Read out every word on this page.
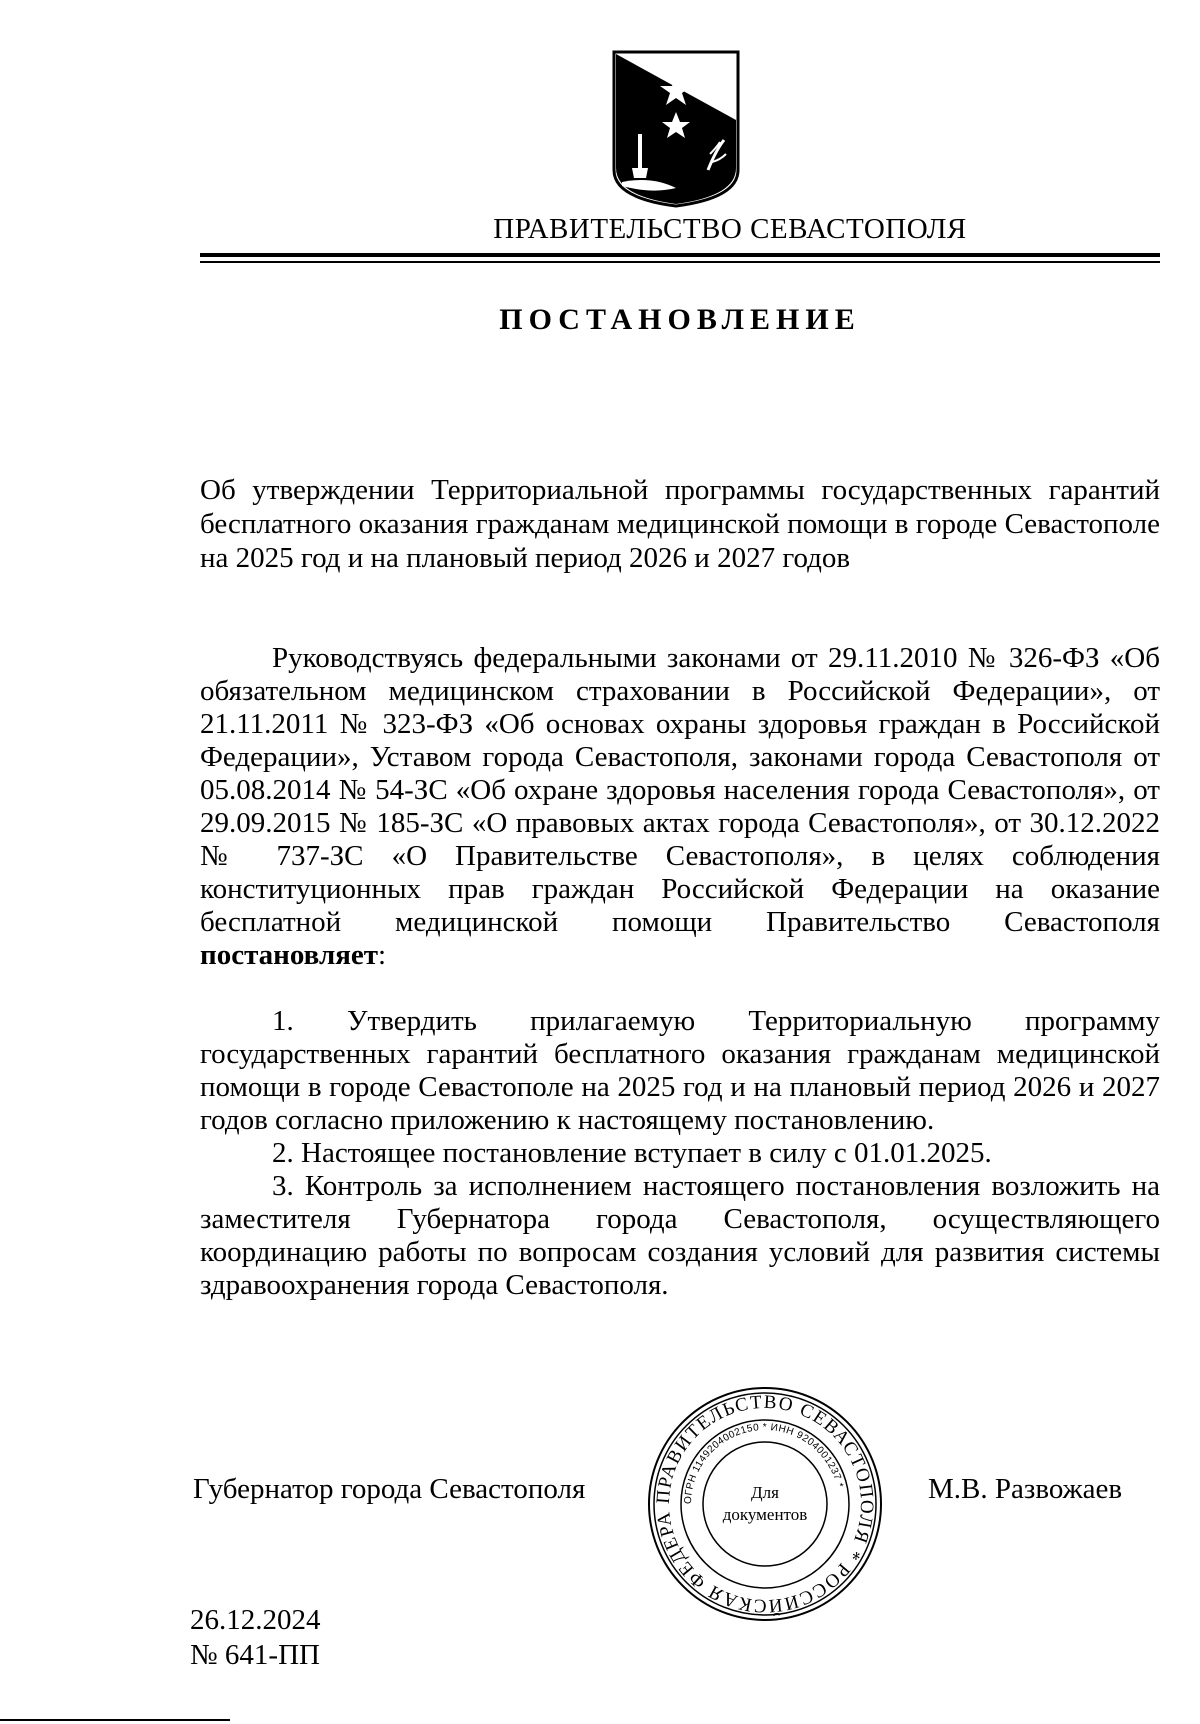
ПРАВИТЕЛЬСТВО СЕВАСТОПОЛЯ
ПОСТАНОВЛЕНИЕ
Об утверждении Территориальной программы государственных гарантий бесплатного оказания гражданам медицинской помощи в городе Севастополе на 2025 год и на плановый период 2026 и 2027 годов

Руководствуясь федеральными законами от 29.11.2010 № 326-ФЗ «Об обязательном медицинском страховании в Российской Федерации», от 21.11.2011 № 323-ФЗ «Об основах охраны здоровья граждан в Российской Федерации», Уставом города Севастополя, законами города Севастополя от 05.08.2014 № 54-ЗС «Об охране здоровья населения города Севастополя», от 29.09.2015 № 185-ЗС «О правовых актах города Севастополя», от 30.12.2022 № 737-ЗС «О Правительстве Севастополя», в целях соблюдения конституционных прав граждан Российской Федерации на оказание бесплатной медицинской помощи Правительство Севастополя постановляет:

1. Утвердить прилагаемую Территориальную программу государственных гарантий бесплатного оказания гражданам медицинской помощи в городе Севастополе на 2025 год и на плановый период 2026 и 2027 годов согласно приложению к настоящему постановлению.

2. Настоящее постановление вступает в силу с 01.01.2025.

3. Контроль за исполнением настоящего постановления возложить на заместителя Губернатора города Севастополя, осуществляющего координацию работы по вопросам создания условий для развития системы здравоохранения города Севастополя.

Губернатор города Севастополя	ПРАВИТЕЛЬСТВО СЕВАСТОПОЛЯ * РОССИЙСКАЯ ФЕДЕРА
ОГРН 1149204002150 * ИНН 9204001237 *
Для
документов
М.В. Развожаев
26.12.2024
№ 641-ПП
